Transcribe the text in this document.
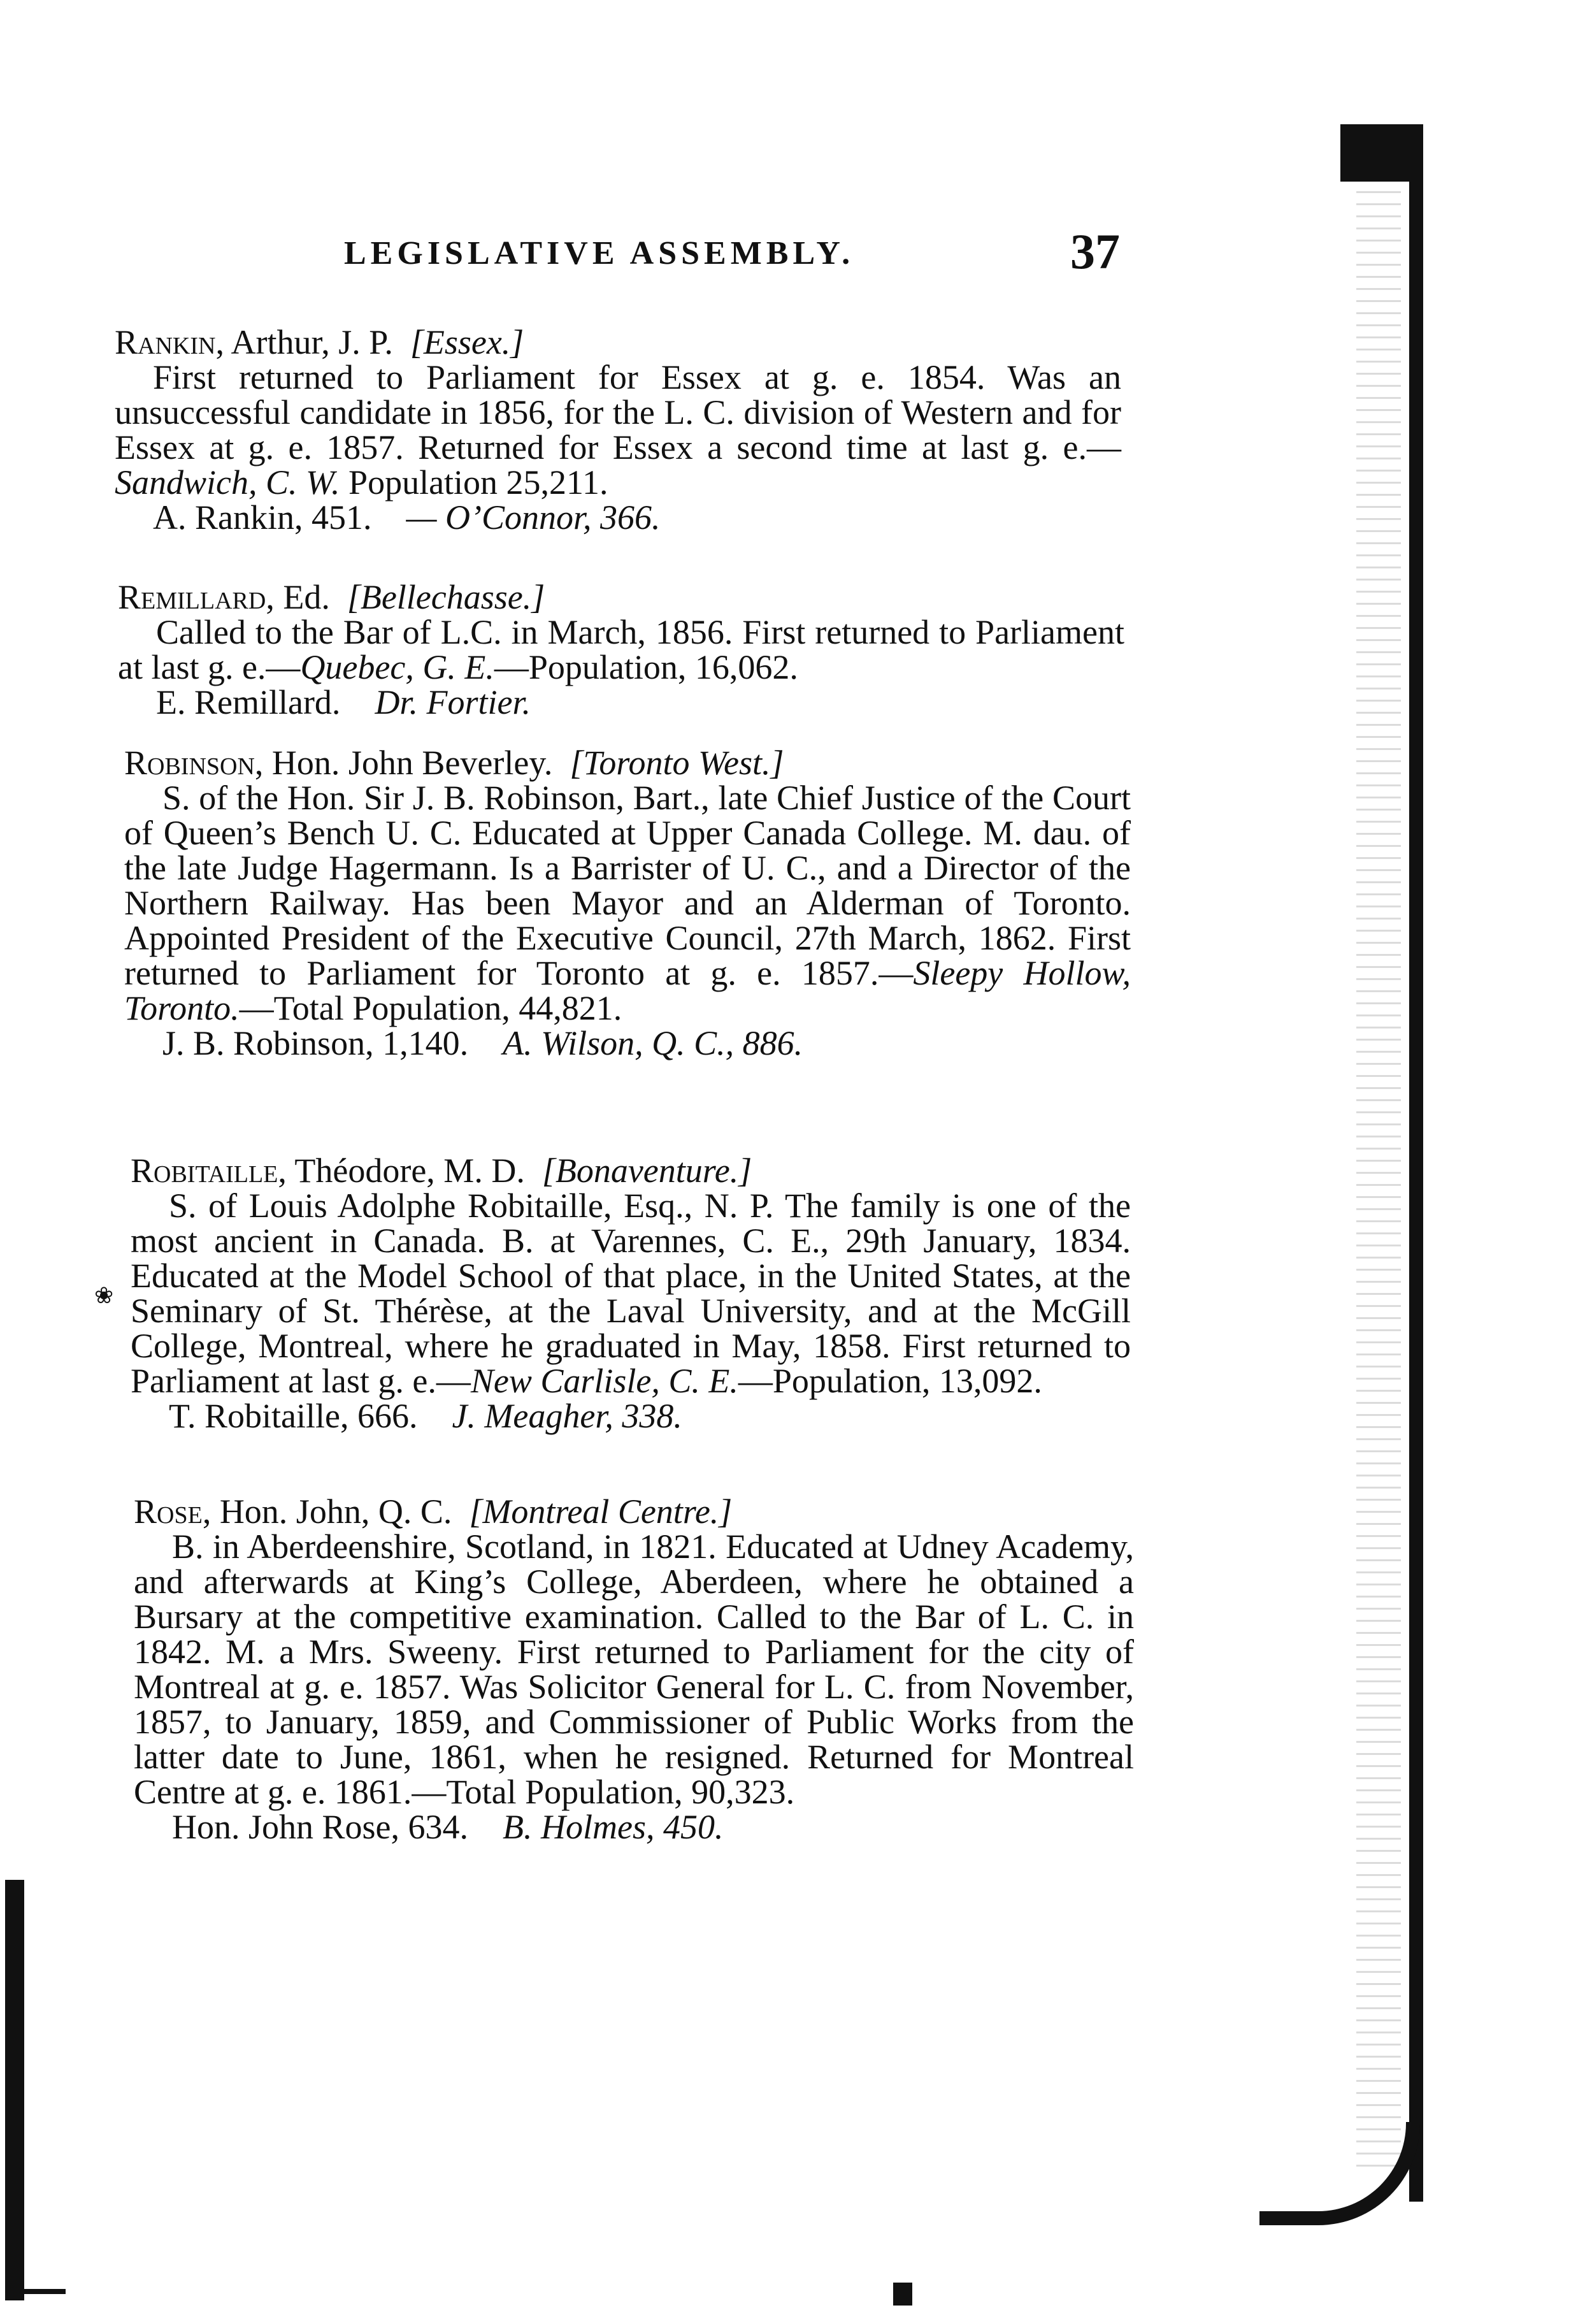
LEGISLATIVE ASSEMBLY.	37

Rankin, Arthur, J. P. [Essex.]

First returned to Parliament for Essex at g. e. 1854. Was an unsuccessful candidate in 1856, for the L. C. division of Western and for Essex at g. e. 1857. Returned for Essex a second time at last g. e.—Sandwich, C. W. Population 25,211.

A. Rankin, 451. — O’Connor, 366.

Remillard, Ed. [Bellechasse.]

Called to the Bar of L.C. in March, 1856. First returned to Parliament at last g. e.—Quebec, G. E.—Population, 16,062.

E. Remillard. Dr. Fortier.

Robinson, Hon. John Beverley. [Toronto West.]

S. of the Hon. Sir J. B. Robinson, Bart., late Chief Justice of the Court of Queen’s Bench U. C. Educated at Upper Canada College. M. dau. of the late Judge Hagermann. Is a Barrister of U. C., and a Director of the Northern Railway. Has been Mayor and an Alderman of Toronto. Appointed President of the Executive Council, 27th March, 1862. First returned to Parliament for Toronto at g. e. 1857.—Sleepy Hollow, Toronto.—Total Population, 44,821.

J. B. Robinson, 1,140. A. Wilson, Q. C., 886.

Robitaille, Théodore, M. D. [Bonaventure.]

S. of Louis Adolphe Robitaille, Esq., N. P. The family is one of the most ancient in Canada. B. at Varennes, C. E., 29th January, 1834. Educated at the Model School of that place, in the United States, at the Seminary of St. Thérèse, at the Laval University, and at the McGill College, Montreal, where he graduated in May, 1858. First returned to Parliament at last g. e.—New Carlisle, C. E.—Population, 13,092.

T. Robitaille, 666. J. Meagher, 338.

Rose, Hon. John, Q. C. [Montreal Centre.]

B. in Aberdeenshire, Scotland, in 1821. Educated at Udney Academy, and afterwards at King’s College, Aberdeen, where he obtained a Bursary at the competitive examination. Called to the Bar of L. C. in 1842. M. a Mrs. Sweeny. First returned to Parliament for the city of Montreal at g. e. 1857. Was Solicitor General for L. C. from November, 1857, to January, 1859, and Commissioner of Public Works from the latter date to June, 1861, when he resigned. Returned for Montreal Centre at g. e. 1861.—Total Population, 90,323.

Hon. John Rose, 634. B. Holmes, 450.

❀
